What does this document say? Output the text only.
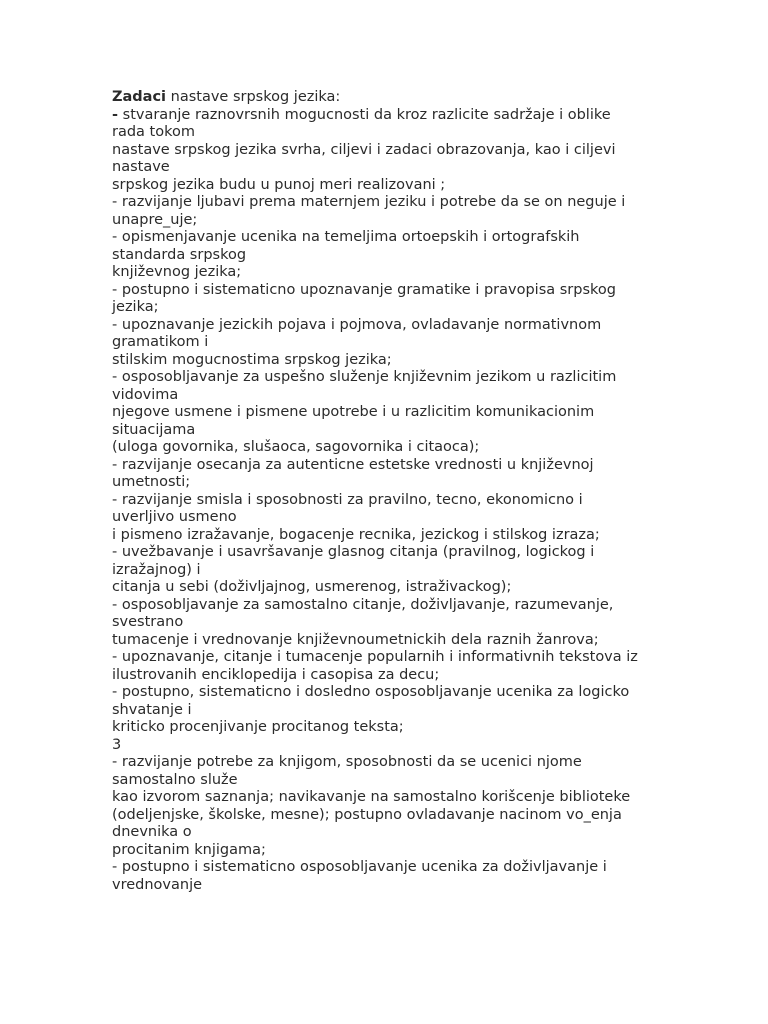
Zadaci nastave srpskog jezika:
- stvaranje raznovrsnih mogucnosti da kroz razlicite sadržaje i oblike
rada tokom
nastave srpskog jezika svrha, ciljevi i zadaci obrazovanja, kao i ciljevi
nastave
srpskog jezika budu u punoj meri realizovani ;
- razvijanje ljubavi prema maternjem jeziku i potrebe da se on neguje i
unapre_uje;
- opismenjavanje ucenika na temeljima ortoepskih i ortografskih
standarda srpskog
književnog jezika;
- postupno i sistematicno upoznavanje gramatike i pravopisa srpskog
jezika;
- upoznavanje jezickih pojava i pojmova, ovladavanje normativnom
gramatikom i
stilskim mogucnostima srpskog jezika;
- osposobljavanje za uspešno služenje književnim jezikom u razlicitim
vidovima
njegove usmene i pismene upotrebe i u razlicitim komunikacionim
situacijama
(uloga govornika, slušaoca, sagovornika i citaoca);
- razvijanje osecanja za autenticne estetske vrednosti u književnoj
umetnosti;
- razvijanje smisla i sposobnosti za pravilno, tecno, ekonomicno i
uverljivo usmeno
i pismeno izražavanje, bogacenje recnika, jezickog i stilskog izraza;
- uvežbavanje i usavršavanje glasnog citanja (pravilnog, logickog i
izražajnog) i
citanja u sebi (doživljajnog, usmerenog, istraživackog);
- osposobljavanje za samostalno citanje, doživljavanje, razumevanje,
svestrano
tumacenje i vrednovanje književnoumetnickih dela raznih žanrova;
- upoznavanje, citanje i tumacenje popularnih i informativnih tekstova iz
ilustrovanih enciklopedija i casopisa za decu;
- postupno, sistematicno i dosledno osposobljavanje ucenika za logicko
shvatanje i
kriticko procenjivanje procitanog teksta;
3
- razvijanje potrebe za knjigom, sposobnosti da se ucenici njome
samostalno služe
kao izvorom saznanja; navikavanje na samostalno korišcenje biblioteke
(odeljenjske, školske, mesne); postupno ovladavanje nacinom vo_enja
dnevnika o
procitanim knjigama;
- postupno i sistematicno osposobljavanje ucenika za doživljavanje i
vrednovanje
